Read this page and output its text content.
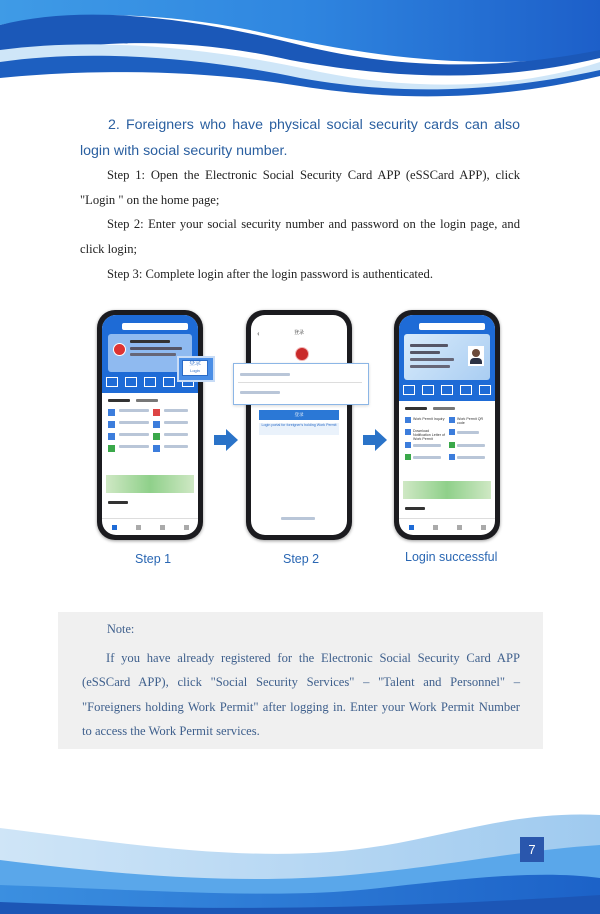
2. Foreigners who have physical social security cards can also
login with social security number.

Step 1: Open the Electronic Social Security Card APP (eSSCard APP), click "Login " on the home page;

Step 2: Enter your social security number and password on the login page, and click login;

Step 3: Complete login after the login password is authenticated.

登录
Login
‹	登录
登录
Login portal for foreigner's holding Work Permit
Work Permit Inquiry	Work Permit QR code
Download Notification Letter of Work Permit
Step 1	Step 2	Login successful
Note:
If you have already registered for the Electronic Social Security Card APP (eSSCard APP), click "Social Security Services" – "Talent and Personnel" – "Foreigners holding Work Permit" after logging in. Enter your Work Permit Number to access the Work Permit services.
7
